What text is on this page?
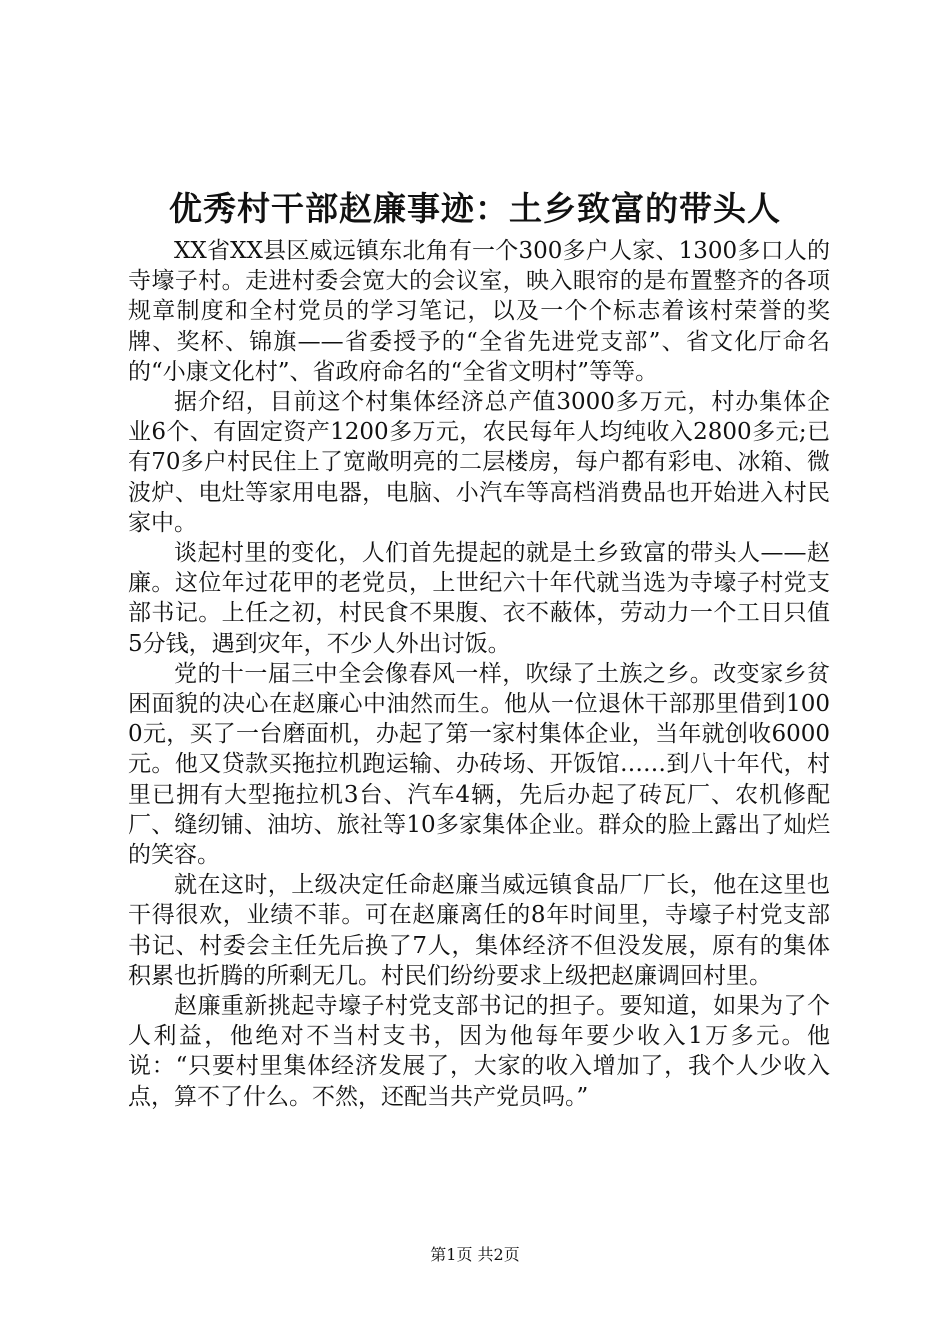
优秀村干部赵廉事迹：土乡致富的带头人

XX省XX县区威远镇东北角有一个300多户人家、1300多口人的寺壕子村。走进村委会宽大的会议室，映入眼帘的是布置整齐的各项规章制度和全村党员的学习笔记，以及一个个标志着该村荣誉的奖牌、奖杯、锦旗——省委授予的“全省先进党支部”、省文化厅命名的“小康文化村”、省政府命名的“全省文明村”等等。

据介绍，目前这个村集体经济总产值3000多万元，村办集体企业6个、有固定资产1200多万元，农民每年人均纯收入2800多元;已有70多户村民住上了宽敞明亮的二层楼房，每户都有彩电、冰箱、微波炉、电灶等家用电器，电脑、小汽车等高档消费品也开始进入村民家中。

谈起村里的变化，人们首先提起的就是土乡致富的带头人——赵廉。这位年过花甲的老党员，上世纪六十年代就当选为寺壕子村党支部书记。上任之初，村民食不果腹、衣不蔽体，劳动力一个工日只值5分钱，遇到灾年，不少人外出讨饭。

党的十一届三中全会像春风一样，吹绿了土族之乡。改变家乡贫困面貌的决心在赵廉心中油然而生。他从一位退休干部那里借到1000元，买了一台磨面机，办起了第一家村集体企业，当年就创收6000元。他又贷款买拖拉机跑运输、办砖场、开饭馆……到八十年代，村里已拥有大型拖拉机3台、汽车4辆，先后办起了砖瓦厂、农机修配厂、缝纫铺、油坊、旅社等10多家集体企业。群众的脸上露出了灿烂的笑容。

就在这时，上级决定任命赵廉当威远镇食品厂厂长，他在这里也干得很欢，业绩不菲。可在赵廉离任的8年时间里，寺壕子村党支部书记、村委会主任先后换了7人，集体经济不但没发展，原有的集体积累也折腾的所剩无几。村民们纷纷要求上级把赵廉调回村里。

赵廉重新挑起寺壕子村党支部书记的担子。要知道，如果为了个人利益，他绝对不当村支书，因为他每年要少收入1万多元。他说：“只要村里集体经济发展了，大家的收入增加了，我个人少收入点，算不了什么。不然，还配当共产党员吗。”

第1页 共2页
